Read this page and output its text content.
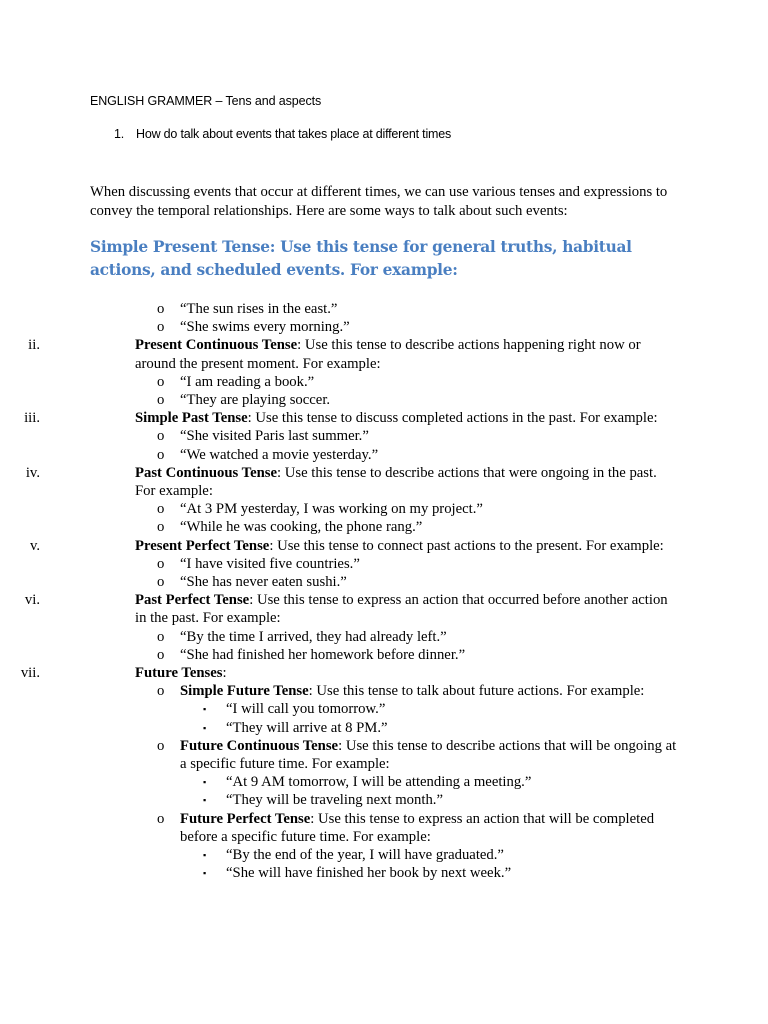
ENGLISH GRAMMER – Tens and aspects
1. How do talk about events that takes place at different times
When discussing events that occur at different times, we can use various tenses and expressions to convey the temporal relationships. Here are some ways to talk about such events:
Simple Present Tense: Use this tense for general truths, habitual actions, and scheduled events. For example:
o “The sun rises in the east.”
o “She swims every morning.”
ii.	Present Continuous Tense: Use this tense to describe actions happening right now or around the present moment. For example:
o “I am reading a book.”
o “They are playing soccer.
iii.	Simple Past Tense: Use this tense to discuss completed actions in the past. For example:
o “She visited Paris last summer.”
o “We watched a movie yesterday.”
iv.	Past Continuous Tense: Use this tense to describe actions that were ongoing in the past. For example:
o “At 3 PM yesterday, I was working on my project.”
o “While he was cooking, the phone rang.”
v.	Present Perfect Tense: Use this tense to connect past actions to the present. For example:
o “I have visited five countries.”
o “She has never eaten sushi.”
vi.	Past Perfect Tense: Use this tense to express an action that occurred before another action in the past. For example:
o “By the time I arrived, they had already left.”
o “She had finished her homework before dinner.”
vii.	Future Tenses:
o Simple Future Tense: Use this tense to talk about future actions. For example:
▪ “I will call you tomorrow.”
▪ “They will arrive at 8 PM.”
o Future Continuous Tense: Use this tense to describe actions that will be ongoing at a specific future time. For example:
▪ “At 9 AM tomorrow, I will be attending a meeting.”
▪ “They will be traveling next month.”
o Future Perfect Tense: Use this tense to express an action that will be completed before a specific future time. For example:
▪ “By the end of the year, I will have graduated.”
▪ “She will have finished her book by next week.”
